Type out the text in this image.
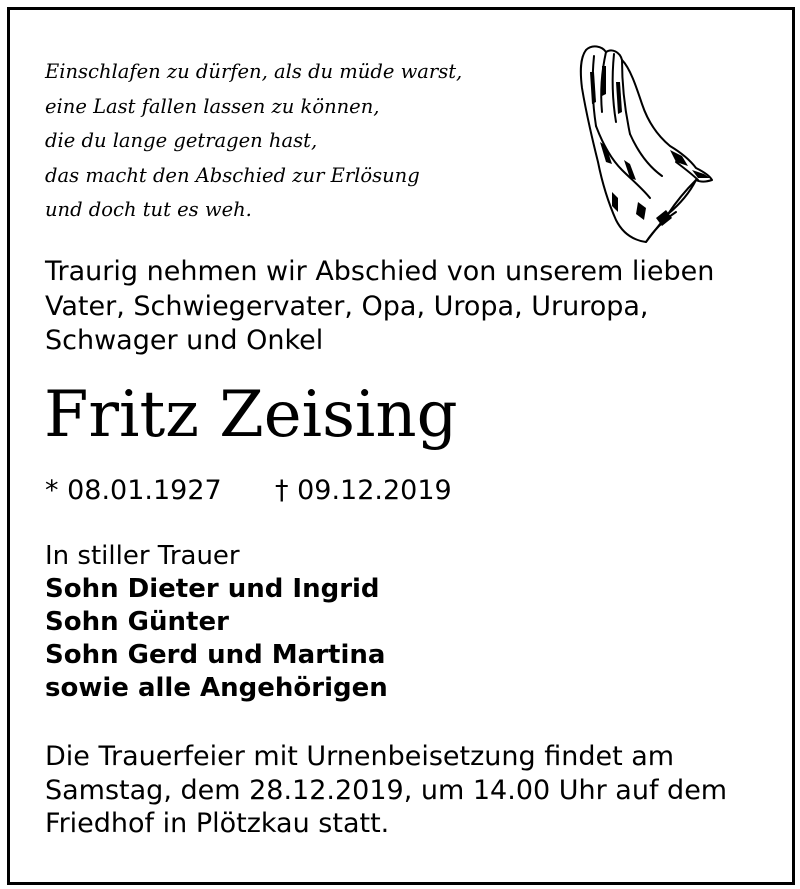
Einschlafen zu dürfen, als du müde warst,
eine Last fallen lassen zu können,
die du lange getragen hast,
das macht den Abschied zur Erlösung
und doch tut es weh.
Traurig nehmen wir Abschied von unserem lieben
Vater, Schwiegervater, Opa, Uropa, Ururopa,
Schwager und Onkel
Fritz Zeising
* 08.01.1927 † 09.12.2019
In stiller Trauer
Sohn Dieter und Ingrid
Sohn Günter
Sohn Gerd und Martina
sowie alle Angehörigen
Die Trauerfeier mit Urnenbeisetzung findet am
Samstag, dem 28.12.2019, um 14.00 Uhr auf dem
Friedhof in Plötzkau statt.
